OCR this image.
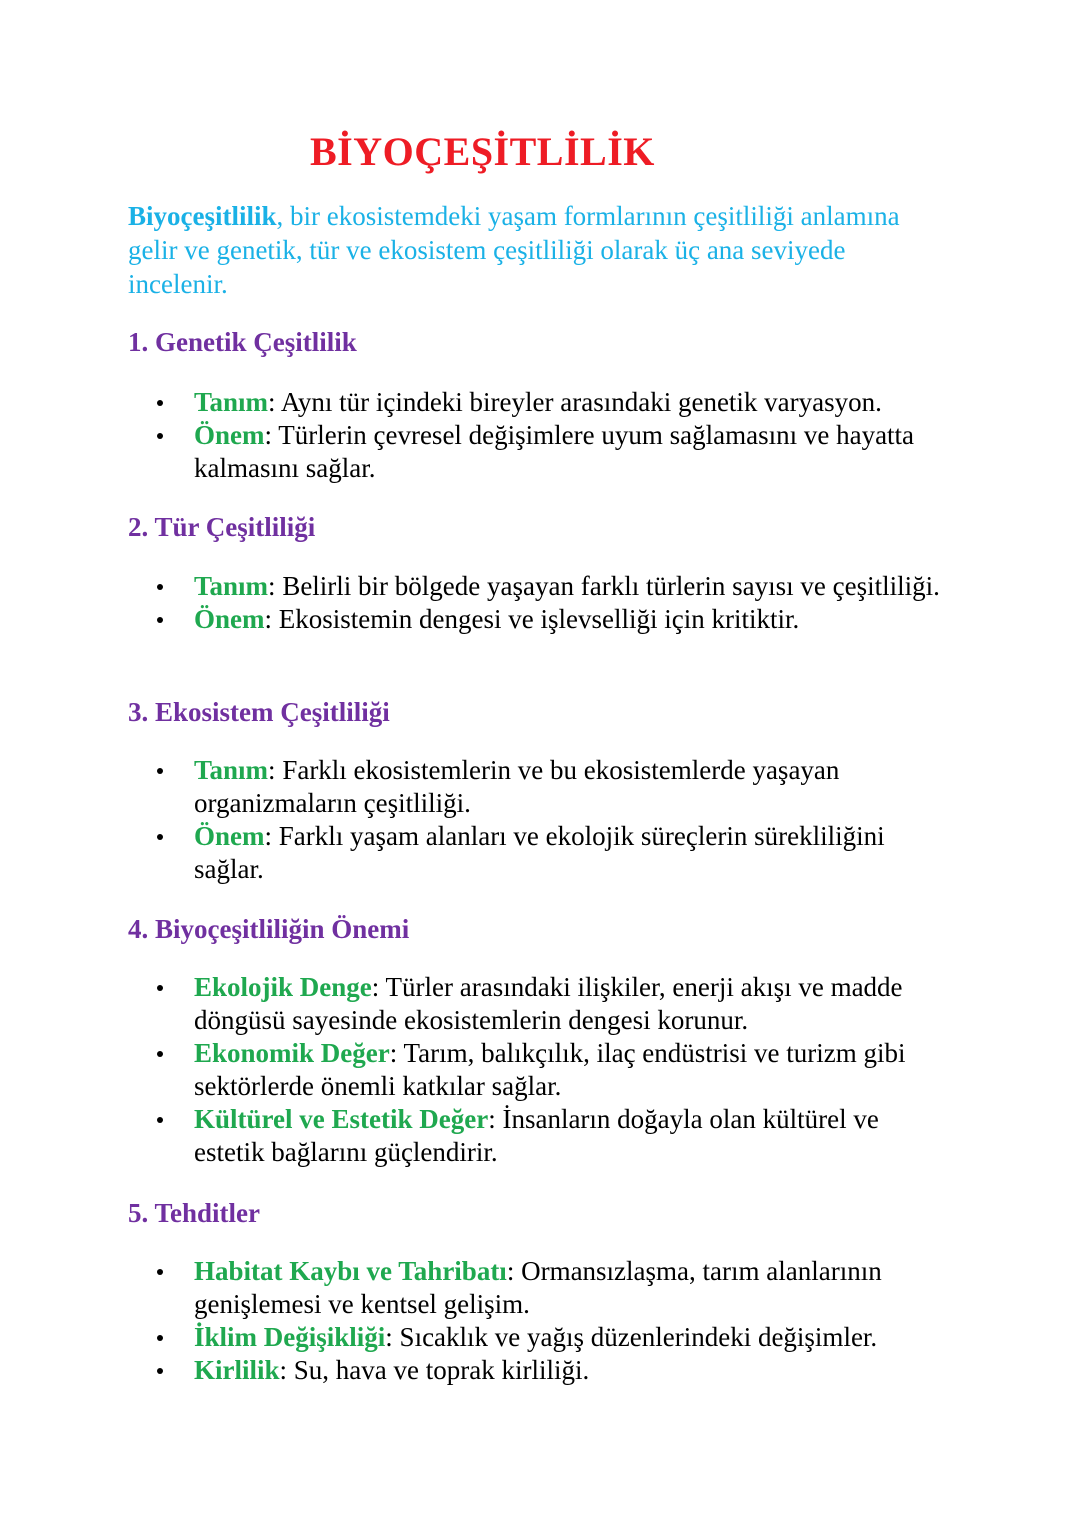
BİYOÇEŞİTLİLİK

Biyoçeşitlilik, bir ekosistemdeki yaşam formlarının çeşitliliği anlamına gelir ve genetik, tür ve ekosistem çeşitliliği olarak üç ana seviyede incelenir.

1. Genetik Çeşitlilik
Tanım: Aynı tür içindeki bireyler arasındaki genetik varyasyon.
Önem: Türlerin çevresel değişimlere uyum sağlamasını ve hayatta kalmasını sağlar.
2. Tür Çeşitliliği
Tanım: Belirli bir bölgede yaşayan farklı türlerin sayısı ve çeşitliliği.
Önem: Ekosistemin dengesi ve işlevselliği için kritiktir.
3. Ekosistem Çeşitliliği
Tanım: Farklı ekosistemlerin ve bu ekosistemlerde yaşayan organizmaların çeşitliliği.
Önem: Farklı yaşam alanları ve ekolojik süreçlerin sürekliliğini sağlar.
4. Biyoçeşitliliğin Önemi
Ekolojik Denge: Türler arasındaki ilişkiler, enerji akışı ve madde döngüsü sayesinde ekosistemlerin dengesi korunur.
Ekonomik Değer: Tarım, balıkçılık, ilaç endüstrisi ve turizm gibi sektörlerde önemli katkılar sağlar.
Kültürel ve Estetik Değer: İnsanların doğayla olan kültürel ve estetik bağlarını güçlendirir.
5. Tehditler
Habitat Kaybı ve Tahribatı: Ormansızlaşma, tarım alanlarının genişlemesi ve kentsel gelişim.
İklim Değişikliği: Sıcaklık ve yağış düzenlerindeki değişimler.
Kirlilik: Su, hava ve toprak kirliliği.
